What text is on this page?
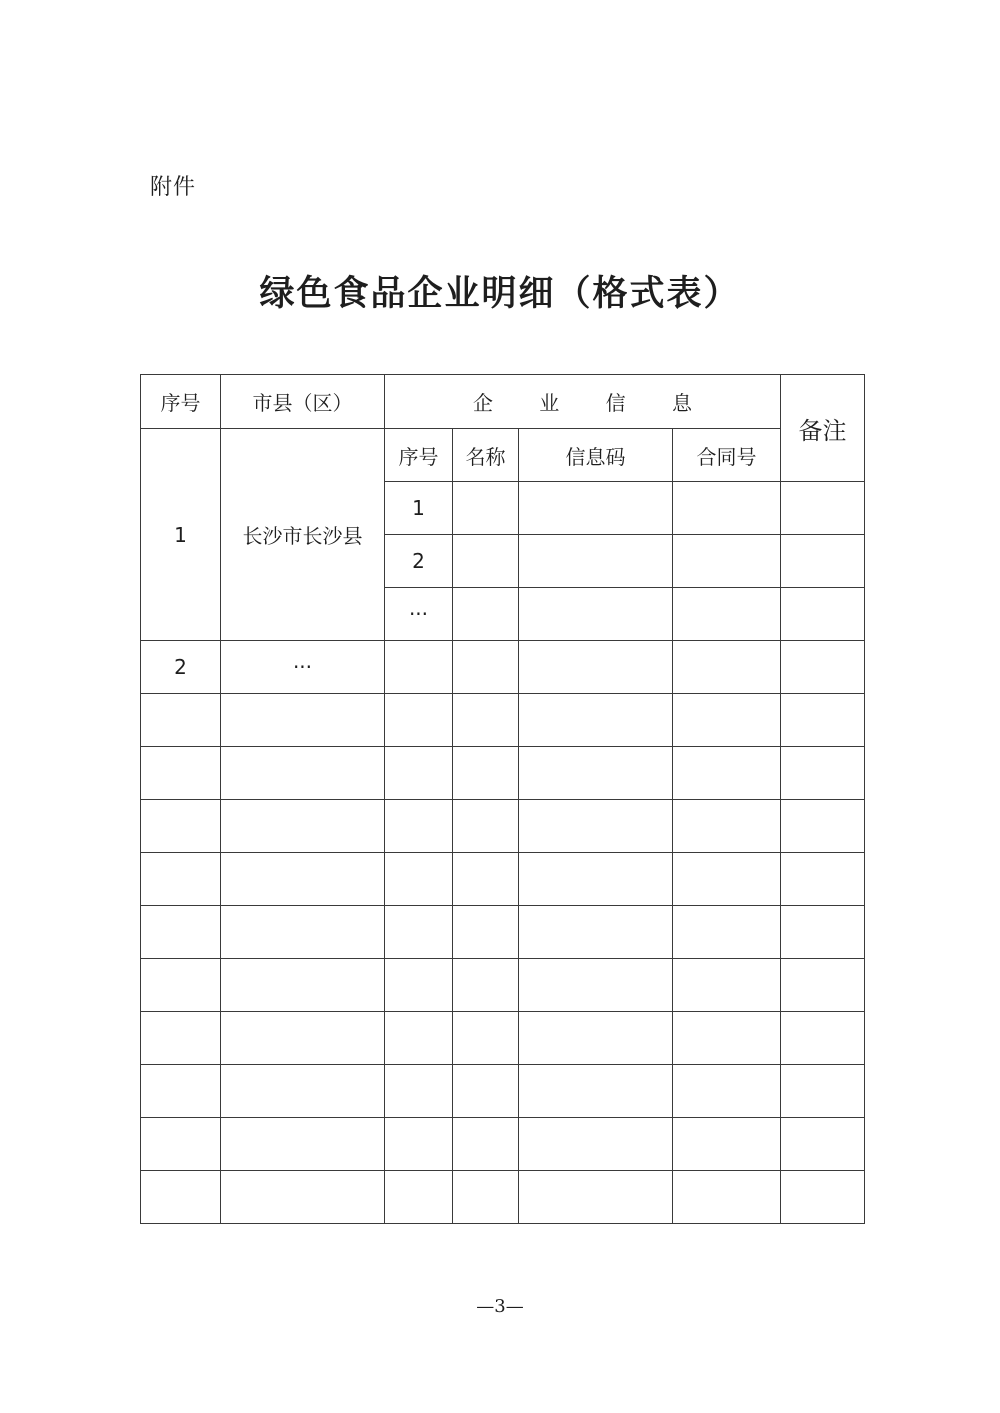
附件
绿色食品企业明细（格式表）
序号	市县（区）	企 业 信 息				备注
1	长沙市长沙县	序号	名称	信息码	合同号	
		1				
		2				
		···				
2	···					

—3—
